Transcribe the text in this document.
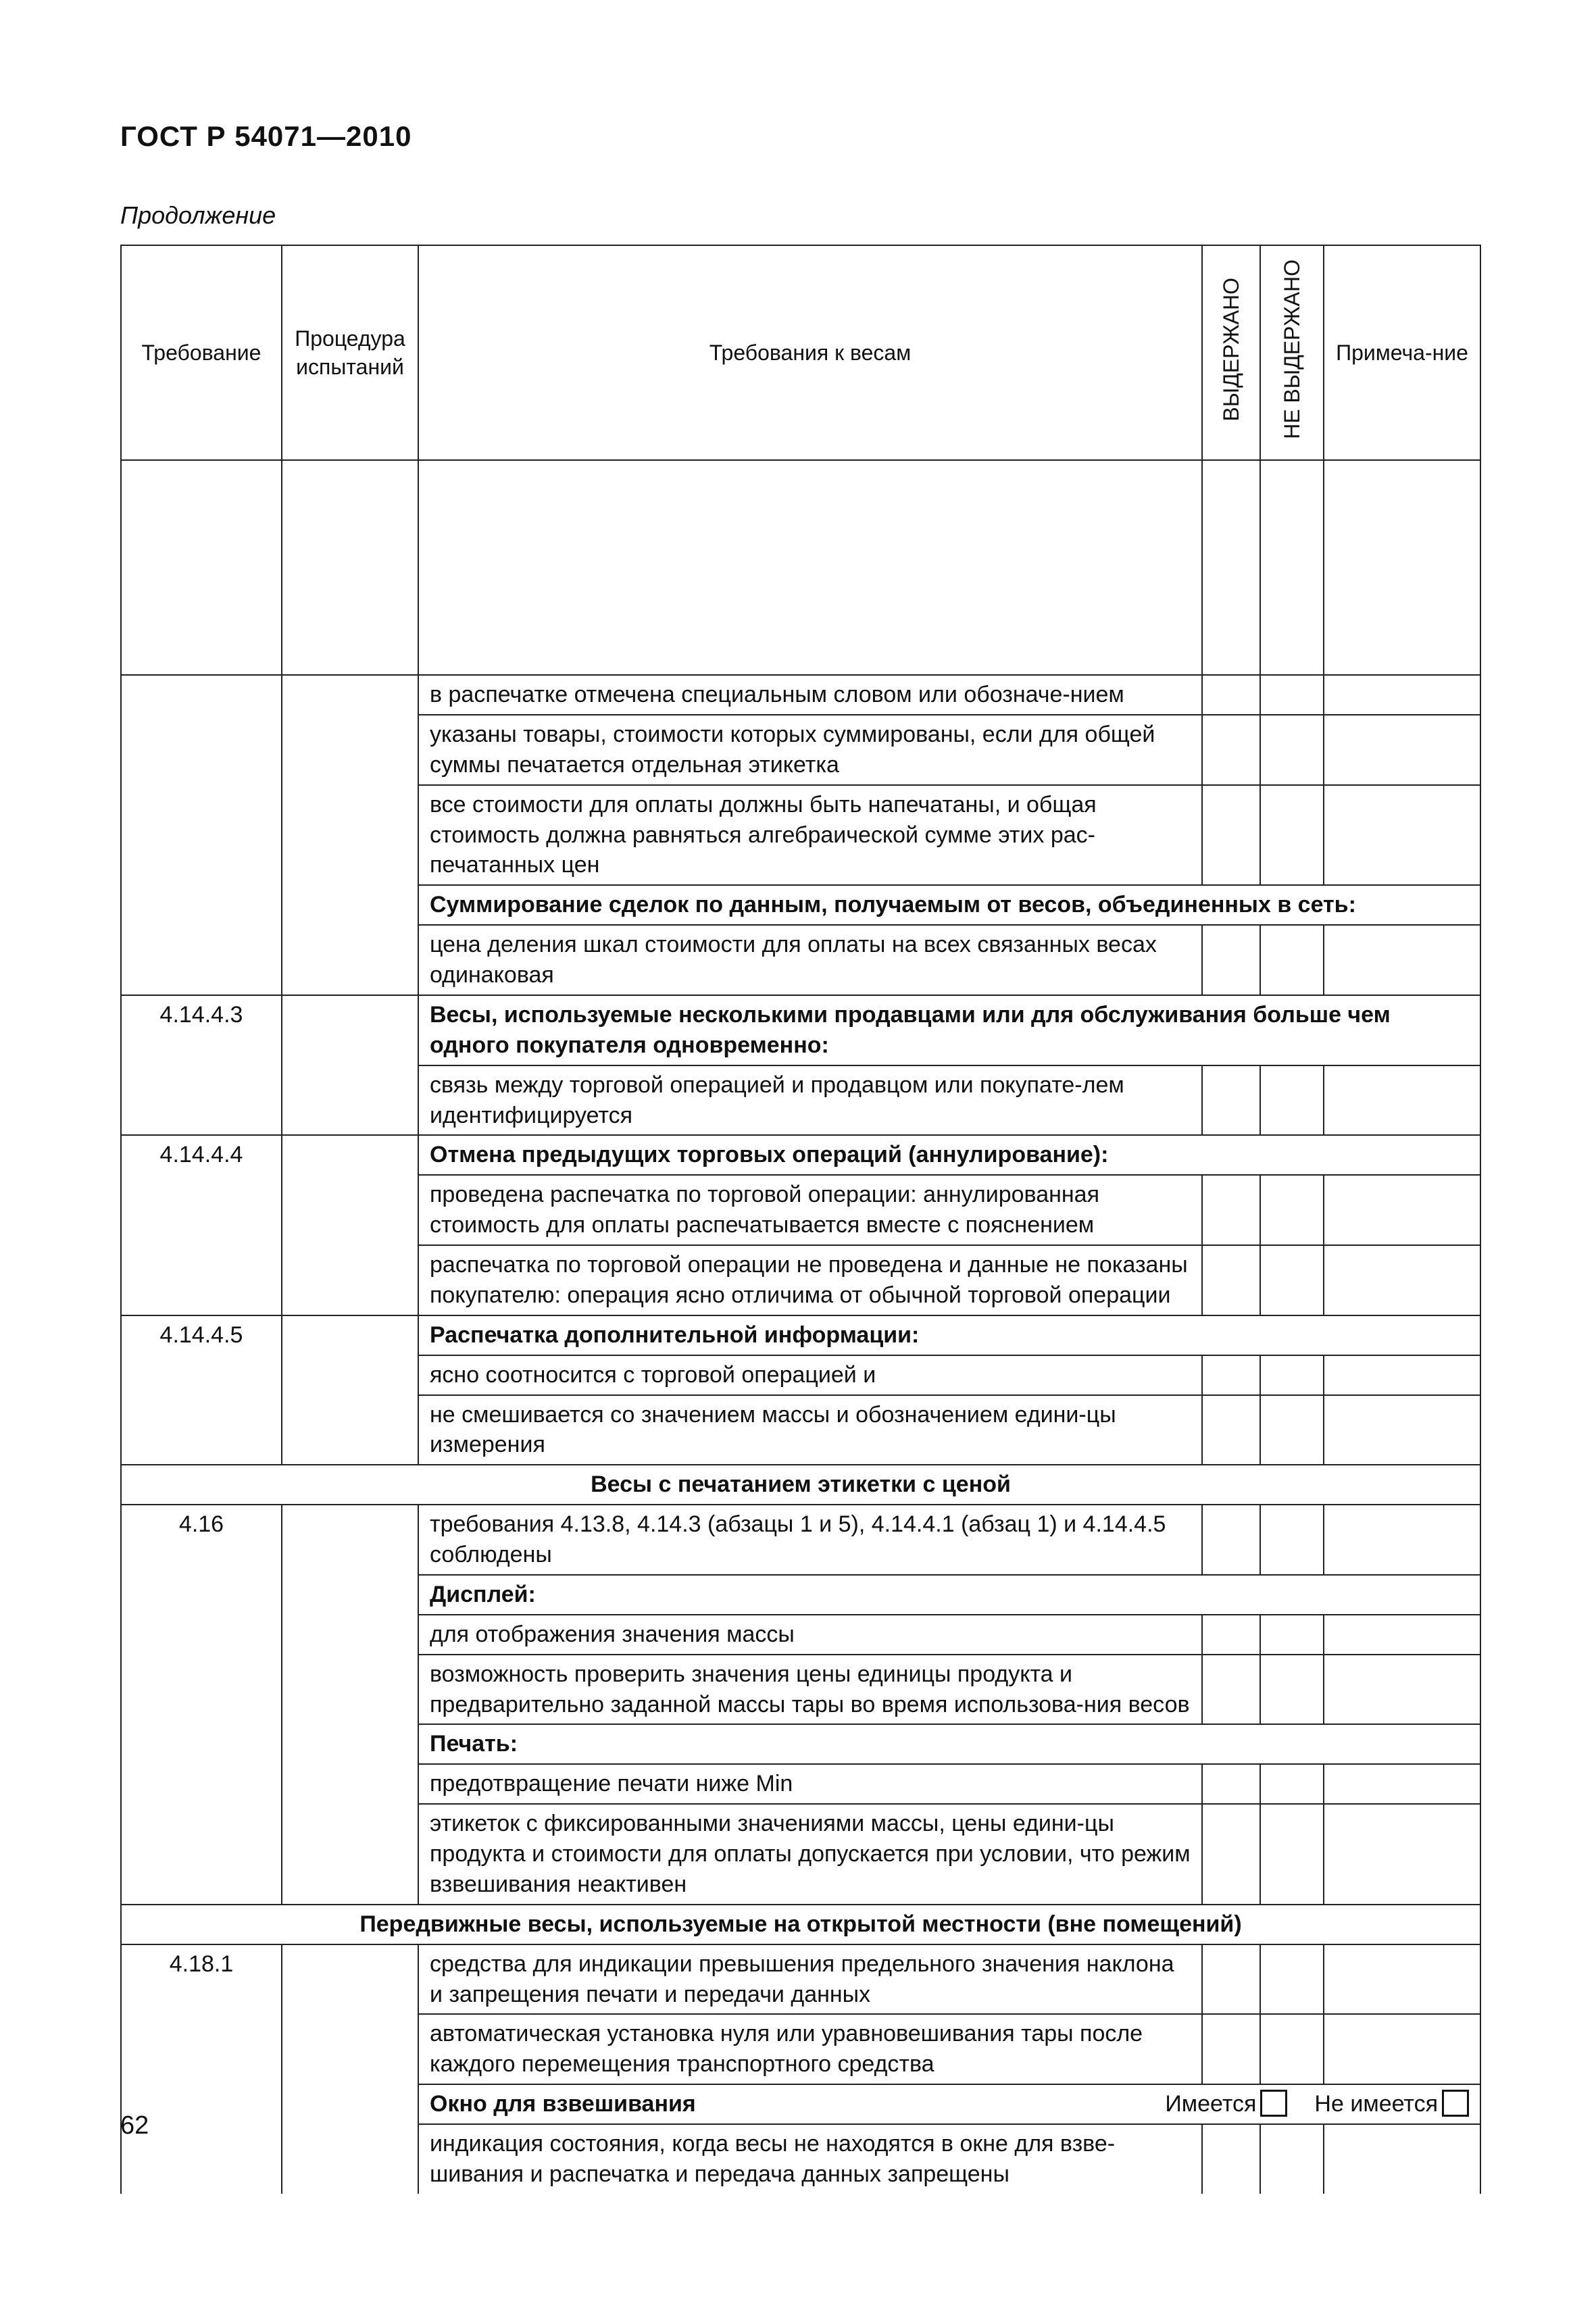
ГОСТ Р 54071—2010
Продолжение
Требование	Процедура испытаний	Требования к весам	ВЫДЕРЖАНО	НЕ ВЫДЕРЖАНО	Примеча-ние

		в распечатке отмечена специальным словом или обозначе-нием			
		указаны товары, стоимости которых суммированы, если для общей суммы печатается отдельная этикетка			
		все стоимости для оплаты должны быть напечатаны, и общая стоимость должна равняться алгебраической сумме этих рас-печатанных цен			
		Суммирование сделок по данным, получаемым от весов, объединенных в сеть:			
		цена деления шкал стоимости для оплаты на всех связанных весах одинаковая			
4.14.4.3		Весы, используемые несколькими продавцами или для обслуживания больше чем одного покупателя одновременно:			
		связь между торговой операцией и продавцом или покупате-лем идентифицируется			
4.14.4.4		Отмена предыдущих торговых операций (аннулирование):			
		проведена распечатка по торговой операции: аннулированная стоимость для оплаты распечатывается вместе с пояснением			
		распечатка по торговой операции не проведена и данные не показаны покупателю: операция ясно отличима от обычной торговой операции			
4.14.4.5		Распечатка дополнительной информации:			
		ясно соотносится с торговой операцией и			
		не смешивается со значением массы и обозначением едини-цы измерения			
Весы с печатанием этикетки с ценой					
4.16		требования 4.13.8, 4.14.3 (абзацы 1 и 5), 4.14.4.1 (абзац 1) и 4.14.4.5 соблюдены			
		Дисплей:			
		для отображения значения массы			
		возможность проверить значения цены единицы продукта и предварительно заданной массы тары во время использова-ния весов			
		Печать:			
		предотвращение печати ниже Min			
		этикеток с фиксированными значениями массы, цены едини-цы продукта и стоимости для оплаты допускается при условии, что режим взвешивания неактивен			
Передвижные весы, используемые на открытой местности (вне помещений)					
4.18.1		средства для индикации превышения предельного значения наклона и запрещения печати и передачи данных			
		автоматическая установка нуля или уравновешивания тары после каждого перемещения транспортного средства			

		Окно для взвешивания Имеется Не имеется			

		индикация состояния, когда весы не находятся в окне для взве-шивания и распечатка и передача данных запрещены			
62
